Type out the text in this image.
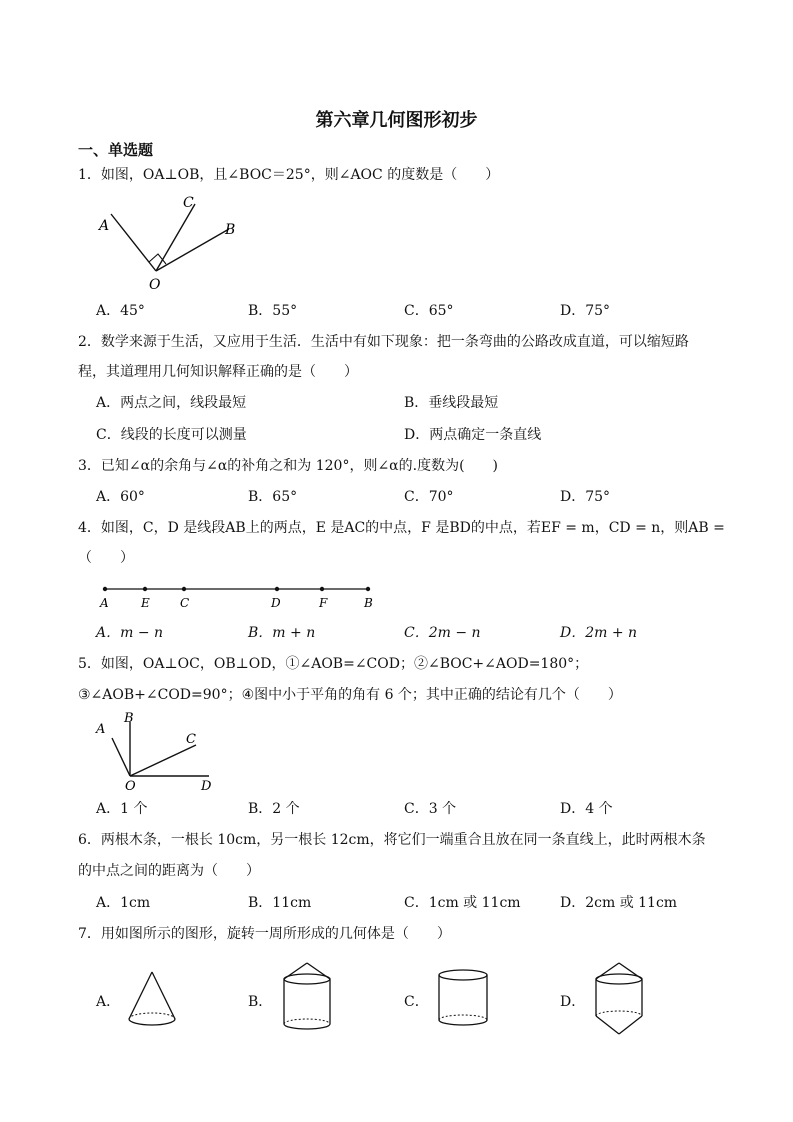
第六章几何图形初步
一、单选题
1．如图，OA⊥OB，且∠BOC＝25°，则∠AOC 的度数是（　　）
A
C
B
O
A．45°	B．55°	C．65°	D．75°
2．数学来源于生活，又应用于生活．生活中有如下现象：把一条弯曲的公路改成直道，可以缩短路
程，其道理用几何知识解释正确的是（　　）
A．两点之间，线段最短	B．垂线段最短
C．线段的长度可以测量	D．两点确定一条直线
3．已知∠α的余角与∠α的补角之和为 120°，则∠α的.度数为(　　)
A．60°	B．65°	C．70°	D．75°
4．如图，C，D 是线段AB上的两点，E 是AC的中点，F 是BD的中点，若EF = m，CD = n，则AB =
（　　）
A	E	C	D	F	B
A．m − n	B．m + n	C．2m − n	D．2m + n
5．如图，OA⊥OC，OB⊥OD，①∠AOB=∠COD；②∠BOC+∠AOD=180°；
③∠AOB+∠COD=90°；④图中小于平角的角有 6 个；其中正确的结论有几个（　　）
A
B
C
O	D
A．1 个	B．2 个	C．3 个	D．4 个
6．两根木条，一根长 10cm，另一根长 12cm，将它们一端重合且放在同一条直线上，此时两根木条
的中点之间的距离为（　　）
A．1cm	B．11cm	C．1cm 或 11cm	D．2cm 或 11cm
7．用如图所示的图形，旋转一周所形成的几何体是（　　）
A．	B．	C．	D．
